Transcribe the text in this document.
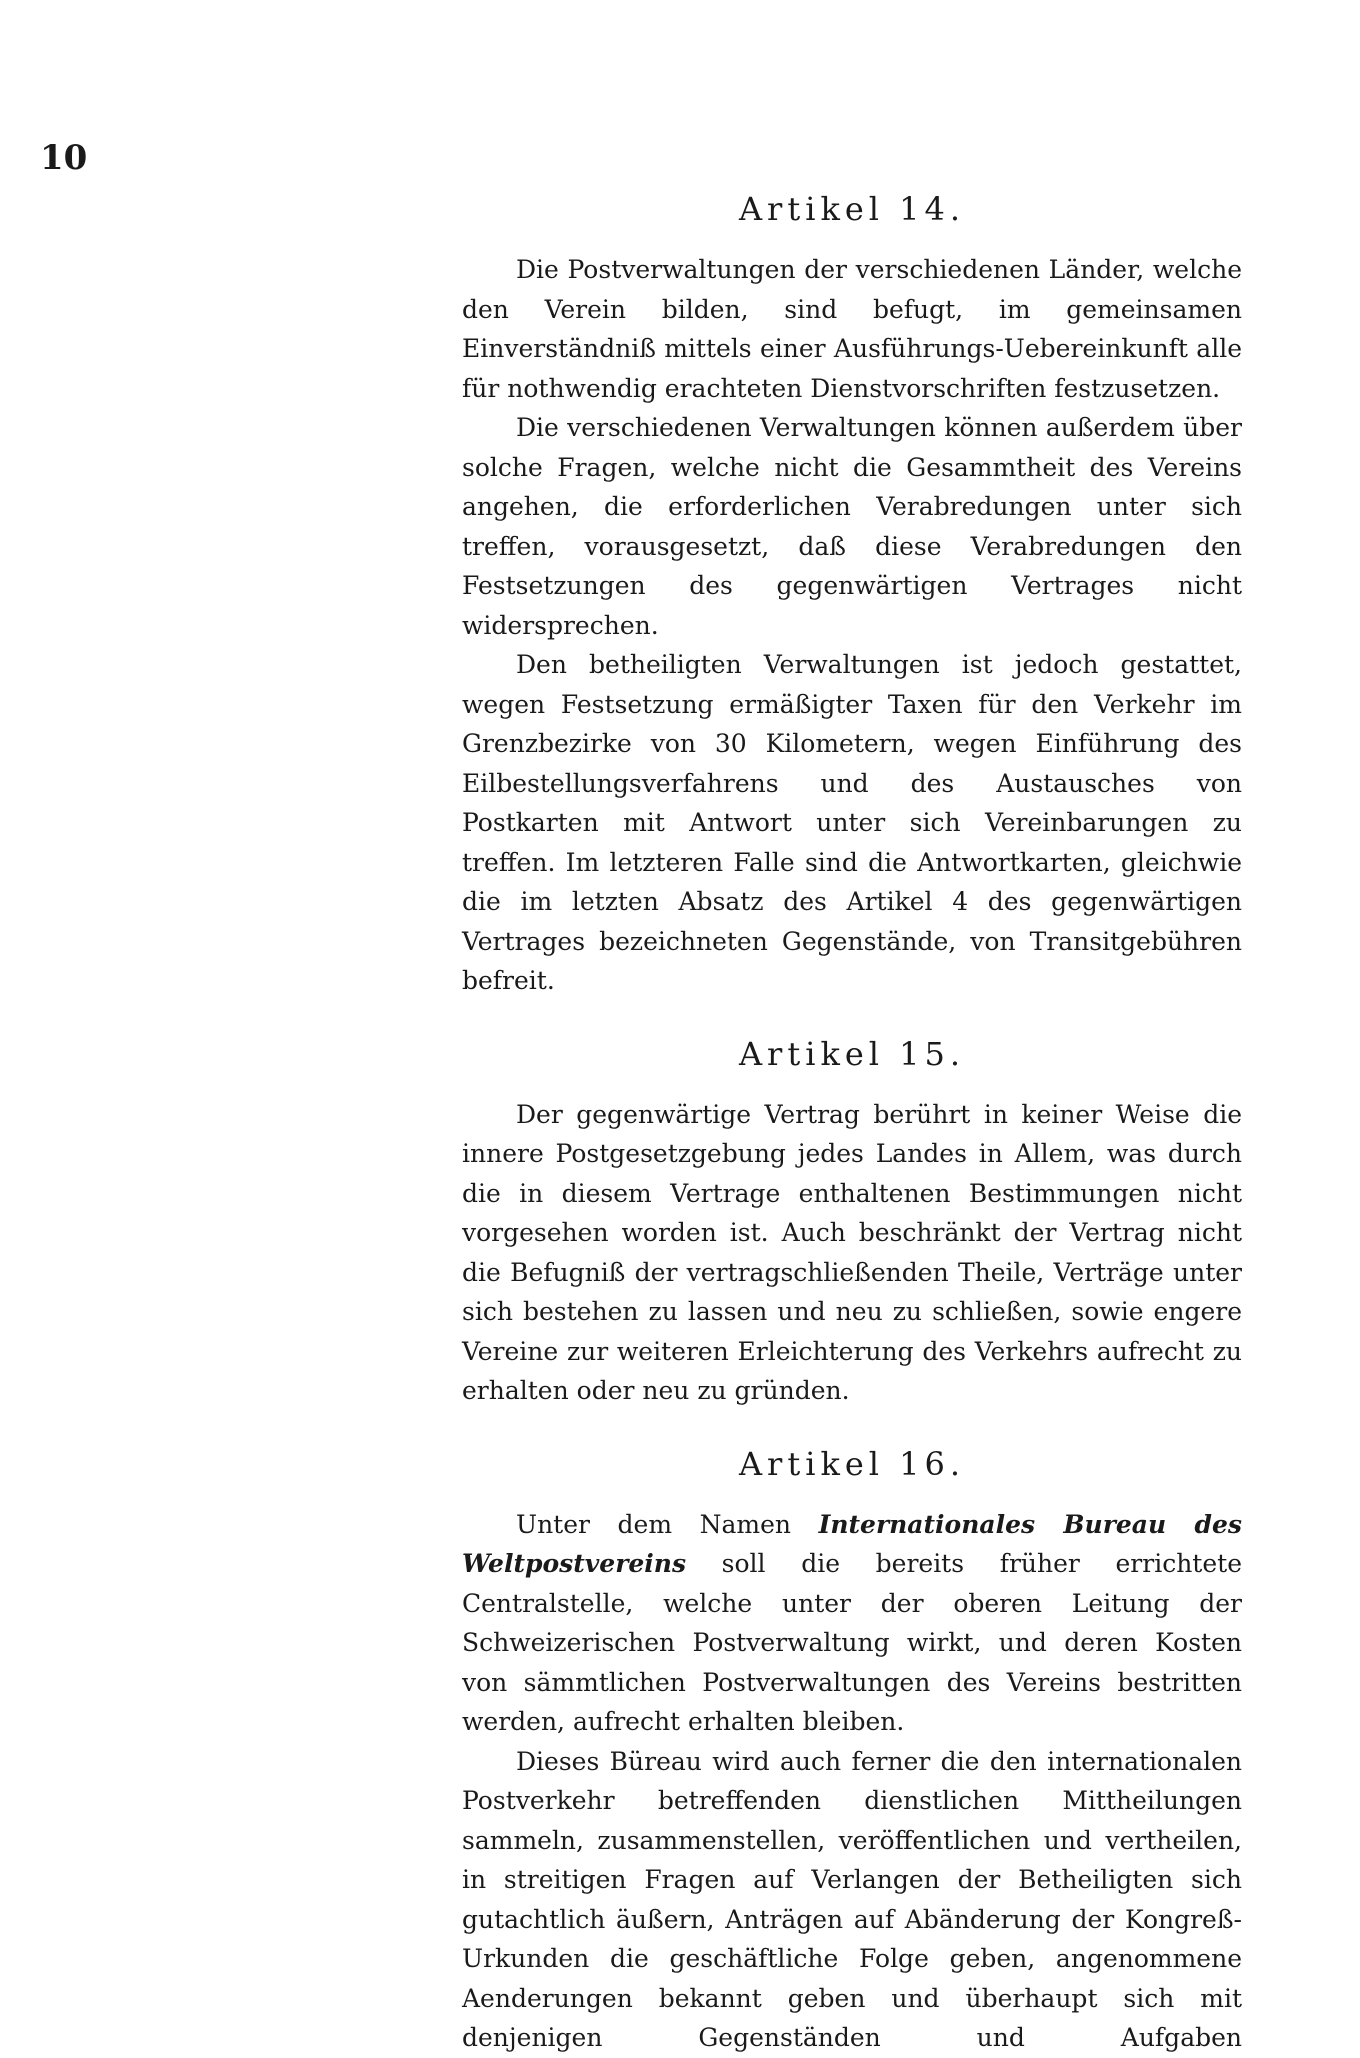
10

Artikel 14.

Die Postverwaltungen der verschiedenen Länder, welche den Verein bilden, sind befugt, im gemeinsamen Einverständniß mittels einer Ausführungs-Uebereinkunft alle für nothwendig erachteten Dienstvorschriften festzusetzen.

Die verschiedenen Verwaltungen können außerdem über solche Fragen, welche nicht die Gesammtheit des Vereins angehen, die erforderlichen Verabredungen unter sich treffen, vorausgesetzt, daß diese Verabredungen den Festsetzungen des gegenwärtigen Vertrages nicht widersprechen.

Den betheiligten Verwaltungen ist jedoch gestattet, wegen Festsetzung ermäßigter Taxen für den Verkehr im Grenzbezirke von 30 Kilometern, wegen Einführung des Eilbestellungsverfahrens und des Austausches von Postkarten mit Antwort unter sich Vereinbarungen zu treffen. Im letzteren Falle sind die Antwortkarten, gleichwie die im letzten Absatz des Artikel 4 des gegenwärtigen Vertrages bezeichneten Gegenstände, von Transitgebühren befreit.

Artikel 15.

Der gegenwärtige Vertrag berührt in keiner Weise die innere Postgesetzgebung jedes Landes in Allem, was durch die in diesem Vertrage enthaltenen Bestimmungen nicht vorgesehen worden ist. Auch beschränkt der Vertrag nicht die Befugniß der vertragschließenden Theile, Verträge unter sich bestehen zu lassen und neu zu schließen, sowie engere Vereine zur weiteren Erleichterung des Verkehrs aufrecht zu erhalten oder neu zu gründen.

Artikel 16.

Unter dem Namen Internationales Bureau des Weltpostvereins soll die bereits früher errichtete Centralstelle, welche unter der oberen Leitung der Schweizerischen Postverwaltung wirkt, und deren Kosten von sämmtlichen Postverwaltungen des Vereins bestritten werden, aufrecht erhalten bleiben.

Dieses Büreau wird auch ferner die den internationalen Postverkehr betreffenden dienstlichen Mittheilungen sammeln, zusammenstellen, veröffentlichen und vertheilen, in streitigen Fragen auf Verlangen der Betheiligten sich gutachtlich äußern, Anträgen auf Abänderung der Kongreß-Urkunden die geschäftliche Folge geben, angenommene Aenderungen bekannt geben und überhaupt sich mit denjenigen Gegenständen und Aufgaben
